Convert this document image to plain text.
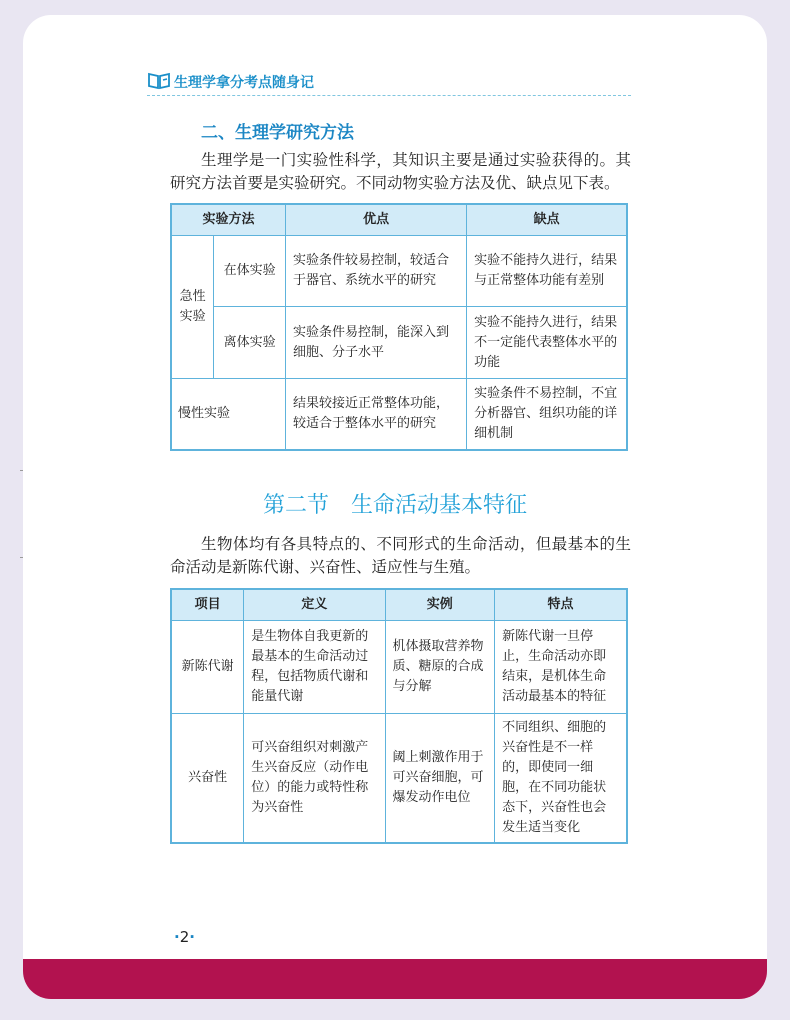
生理学拿分考点随身记
二、生理学研究方法
生理学是一门实验性科学，其知识主要是通过实验获得的。其研究方法首要是实验研究。不同动物实验方法及优、缺点见下表。
实验方法		优点	缺点
急性实验	在体实验	实验条件较易控制，较适合于器官、系统水平的研究	实验不能持久进行，结果与正常整体功能有差别
	离体实验	实验条件易控制，能深入到细胞、分子水平	实验不能持久进行，结果不一定能代表整体水平的功能
慢性实验		结果较接近正常整体功能，较适合于整体水平的研究	实验条件不易控制，不宜分析器官、组织功能的详细机制
第二节　生命活动基本特征
生物体均有各具特点的、不同形式的生命活动，但最基本的生命活动是新陈代谢、兴奋性、适应性与生殖。
项目	定义	实例	特点
新陈代谢	是生物体自我更新的最基本的生命活动过程，包括物质代谢和能量代谢	机体摄取营养物质、糖原的合成与分解	新陈代谢一旦停止，生命活动亦即结束，是机体生命活动最基本的特征
兴奋性	可兴奋组织对刺激产生兴奋反应（动作电位）的能力或特性称为兴奋性	阈上刺激作用于可兴奋细胞，可爆发动作电位	不同组织、细胞的兴奋性是不一样的，即使同一细胞，在不同功能状态下，兴奋性也会发生适当变化
·2·
